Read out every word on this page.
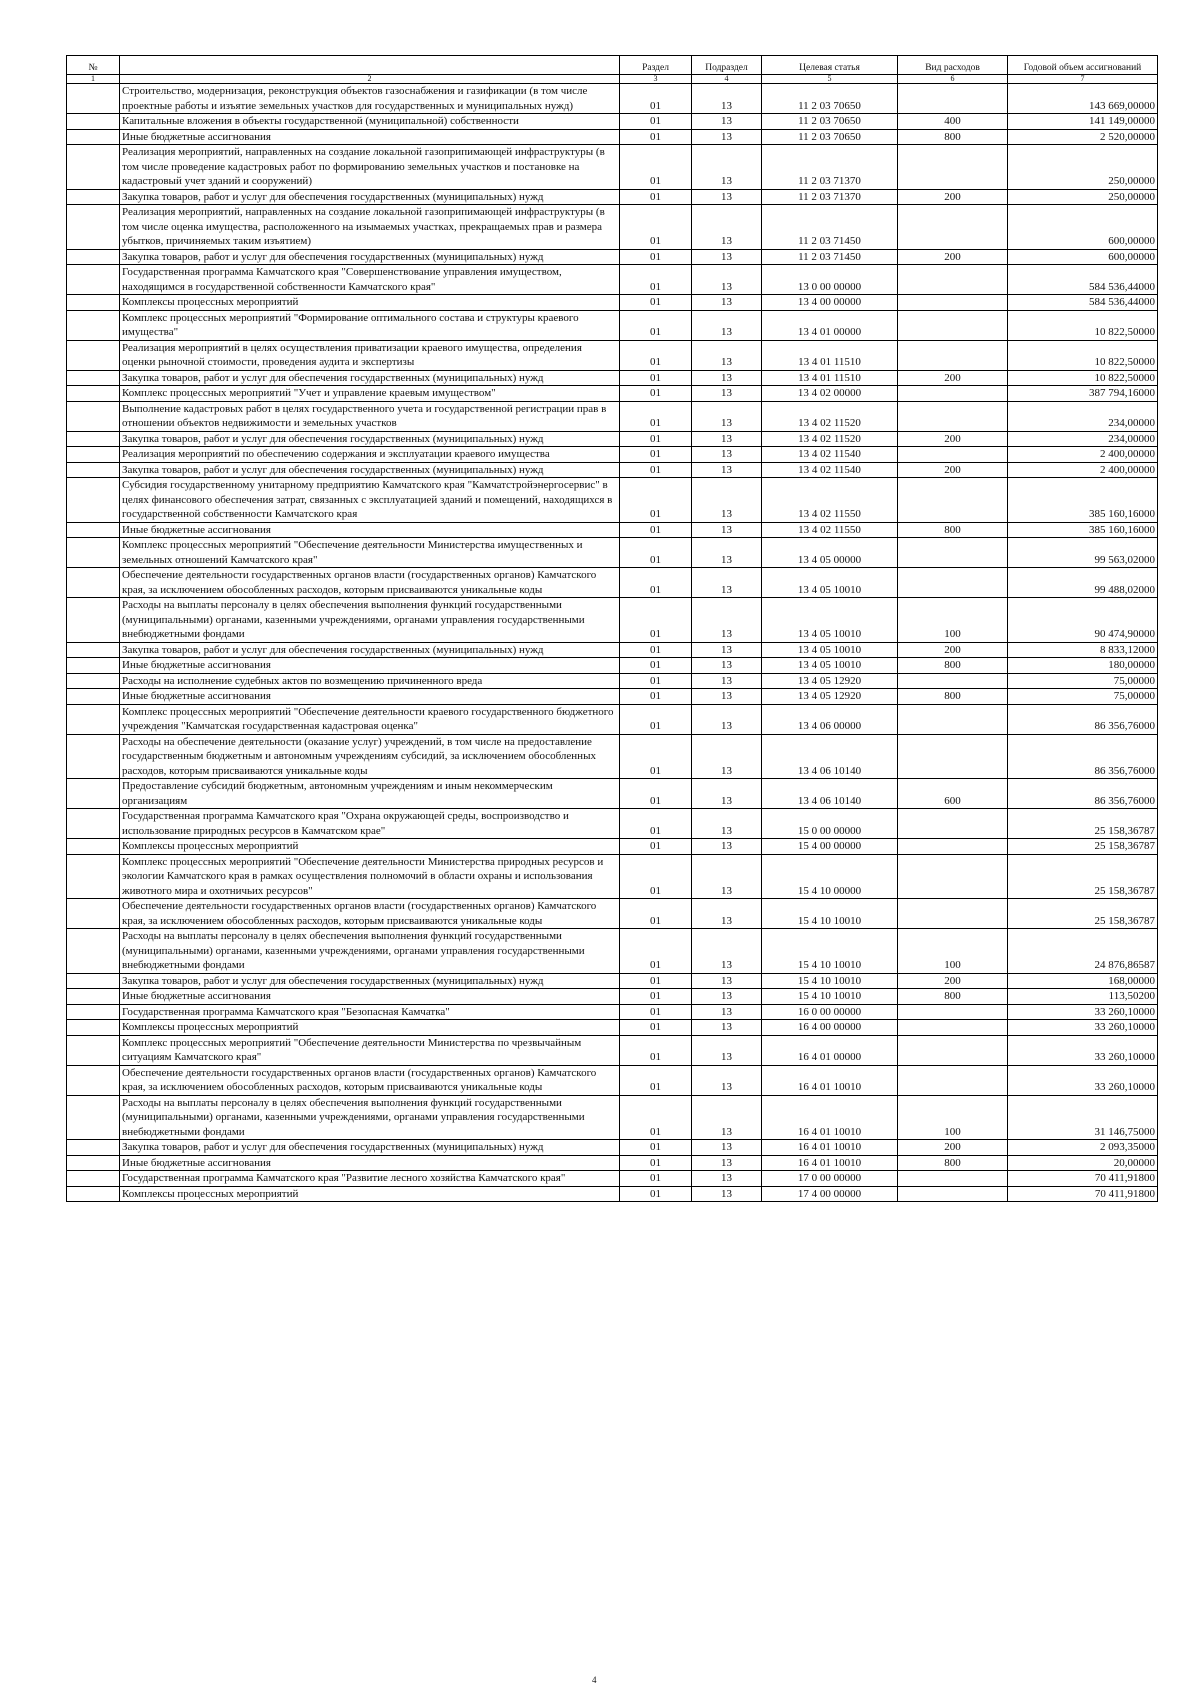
№		Раздел	Подраздел	Целевая статья	Вид расходов	Годовой объем ассигнований
1	2	3	4	5	6	7
	Строительство, модернизация, реконструкция объектов газоснабжения и газификации (в том числе проектные работы и изъятие земельных участков для государственных и муниципальных нужд)	01	13	11 2 03 70650		143 669,00000
	Капитальные вложения в объекты государственной (муниципальной) собственности	01	13	11 2 03 70650	400	141 149,00000
	Иные бюджетные ассигнования	01	13	11 2 03 70650	800	2 520,00000
	Реализация мероприятий, направленных на создание локальной газоприпимающей инфраструктуры (в том числе проведение кадастровых работ по формированию земельных участков и постановке на кадастровый учет зданий и сооружений)	01	13	11 2 03 71370		250,00000
	Закупка товаров, работ и услуг для обеспечения государственных (муниципальных) нужд	01	13	11 2 03 71370	200	250,00000
	Реализация мероприятий, направленных на создание локальной газоприпимающей инфраструктуры (в том числе оценка имущества, расположенного на изымаемых участках, прекращаемых прав и размера убытков, причиняемых таким изъятием)	01	13	11 2 03 71450		600,00000
	Закупка товаров, работ и услуг для обеспечения государственных (муниципальных) нужд	01	13	11 2 03 71450	200	600,00000
	Государственная программа Камчатского края "Совершенствование управления имуществом, находящимся в государственной собственности Камчатского края"	01	13	13 0 00 00000		584 536,44000
	Комплексы процессных мероприятий	01	13	13 4 00 00000		584 536,44000
	Комплекс процессных мероприятий "Формирование оптимального состава и структуры краевого имущества"	01	13	13 4 01 00000		10 822,50000
	Реализация мероприятий в целях осуществления приватизации краевого имущества, определения оценки рыночной стоимости, проведения аудита и экспертизы	01	13	13 4 01 11510		10 822,50000
	Закупка товаров, работ и услуг для обеспечения государственных (муниципальных) нужд	01	13	13 4 01 11510	200	10 822,50000
	Комплекс процессных мероприятий "Учет и управление краевым имуществом"	01	13	13 4 02 00000		387 794,16000
	Выполнение кадастровых работ в целях государственного учета и государственной регистрации прав в отношении объектов недвижимости и земельных участков	01	13	13 4 02 11520		234,00000
	Закупка товаров, работ и услуг для обеспечения государственных (муниципальных) нужд	01	13	13 4 02 11520	200	234,00000
	Реализация мероприятий по обеспечению содержания и эксплуатации краевого имущества	01	13	13 4 02 11540		2 400,00000
	Закупка товаров, работ и услуг для обеспечения государственных (муниципальных) нужд	01	13	13 4 02 11540	200	2 400,00000
	Субсидия государственному унитарному предприятию Камчатского края "Камчатстройэнергосервис" в целях финансового обеспечения затрат, связанных с эксплуатацией зданий и помещений, находящихся в государственной собственности Камчатского края	01	13	13 4 02 11550		385 160,16000
	Иные бюджетные ассигнования	01	13	13 4 02 11550	800	385 160,16000
	Комплекс процессных мероприятий "Обеспечение деятельности Министерства имущественных и земельных отношений Камчатского края"	01	13	13 4 05 00000		99 563,02000
	Обеспечение деятельности государственных органов власти (государственных органов) Камчатского края, за исключением обособленных расходов, которым присваиваются уникальные коды	01	13	13 4 05 10010		99 488,02000
	Расходы на выплаты персоналу в целях обеспечения выполнения функций государственными (муниципальными) органами, казенными учреждениями, органами управления государственными внебюджетными фондами	01	13	13 4 05 10010	100	90 474,90000
	Закупка товаров, работ и услуг для обеспечения государственных (муниципальных) нужд	01	13	13 4 05 10010	200	8 833,12000
	Иные бюджетные ассигнования	01	13	13 4 05 10010	800	180,00000
	Расходы на исполнение судебных актов по возмещению причиненного вреда	01	13	13 4 05 12920		75,00000
	Иные бюджетные ассигнования	01	13	13 4 05 12920	800	75,00000
	Комплекс процессных мероприятий "Обеспечение деятельности краевого государственного бюджетного учреждения "Камчатская государственная кадастровая оценка"	01	13	13 4 06 00000		86 356,76000
	Расходы на обеспечение деятельности (оказание услуг) учреждений, в том числе на предоставление государственным бюджетным и автономным учреждениям субсидий, за исключением обособленных расходов, которым присваиваются уникальные коды	01	13	13 4 06 10140		86 356,76000
	Предоставление субсидий бюджетным, автономным учреждениям и иным некоммерческим организациям	01	13	13 4 06 10140	600	86 356,76000
	Государственная программа Камчатского края "Охрана окружающей среды, воспроизводство и использование природных ресурсов в Камчатском крае"	01	13	15 0 00 00000		25 158,36787
	Комплексы процессных мероприятий	01	13	15 4 00 00000		25 158,36787
	Комплекс процессных мероприятий "Обеспечение деятельности Министерства природных ресурсов и экологии Камчатского края в рамках осуществления полномочий в области охраны и использования животного мира и охотничьих ресурсов"	01	13	15 4 10 00000		25 158,36787
	Обеспечение деятельности государственных органов власти (государственных органов) Камчатского края, за исключением обособленных расходов, которым присваиваются уникальные коды	01	13	15 4 10 10010		25 158,36787
	Расходы на выплаты персоналу в целях обеспечения выполнения функций государственными (муниципальными) органами, казенными учреждениями, органами управления государственными внебюджетными фондами	01	13	15 4 10 10010	100	24 876,86587
	Закупка товаров, работ и услуг для обеспечения государственных (муниципальных) нужд	01	13	15 4 10 10010	200	168,00000
	Иные бюджетные ассигнования	01	13	15 4 10 10010	800	113,50200
	Государственная программа Камчатского края "Безопасная Камчатка"	01	13	16 0 00 00000		33 260,10000
	Комплексы процессных мероприятий	01	13	16 4 00 00000		33 260,10000
	Комплекс процессных мероприятий "Обеспечение деятельности Министерства по чрезвычайным ситуациям Камчатского края"	01	13	16 4 01 00000		33 260,10000
	Обеспечение деятельности государственных органов власти (государственных органов) Камчатского края, за исключением обособленных расходов, которым присваиваются уникальные коды	01	13	16 4 01 10010		33 260,10000
	Расходы на выплаты персоналу в целях обеспечения выполнения функций государственными (муниципальными) органами, казенными учреждениями, органами управления государственными внебюджетными фондами	01	13	16 4 01 10010	100	31 146,75000
	Закупка товаров, работ и услуг для обеспечения государственных (муниципальных) нужд	01	13	16 4 01 10010	200	2 093,35000
	Иные бюджетные ассигнования	01	13	16 4 01 10010	800	20,00000
	Государственная программа Камчатского края "Развитие лесного хозяйства Камчатского края"	01	13	17 0 00 00000		70 411,91800
	Комплексы процессных мероприятий	01	13	17 4 00 00000		70 411,91800
4
